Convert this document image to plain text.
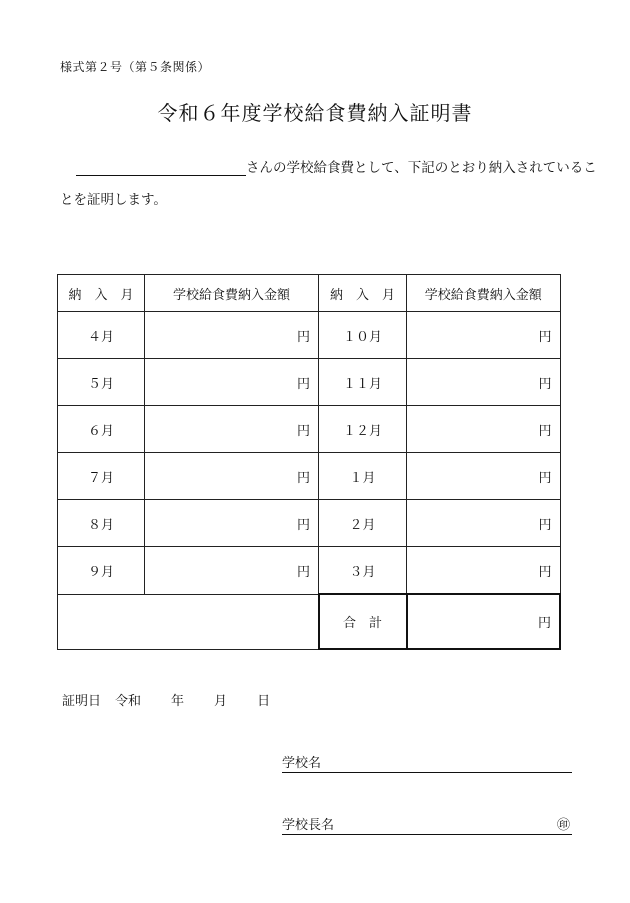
様式第２号（第５条関係）
令和６年度学校給食費納入証明書
さんの学校給食費として、下記のとおり納入されているこ
とを証明します。
納　入　月	学校給食費納入金額	納　入　月	学校給食費納入金額
４月	円	１０月	円
５月	円	１１月	円
６月	円	１２月	円
７月	円	１月	円
８月	円	２月	円
９月	円	３月	円
		合　計	円
証明日 令和 年 月 日
学校名
学校長名	㊞
